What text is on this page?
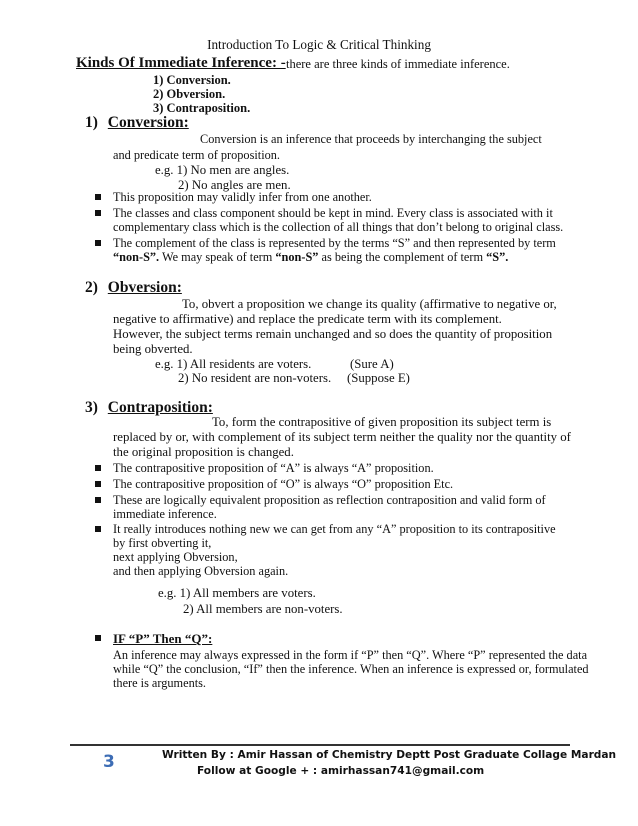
Introduction To Logic & Critical Thinking
Kinds Of Immediate Inference: - there are three kinds of immediate inference.
1) Conversion.
2) Obversion.
3) Contraposition.
1) Conversion:
Conversion is an inference that proceeds by interchanging the subject
and predicate term of proposition.
e.g. 1) No men are angles.
2) No angles are men.
This proposition may validly infer from one another.
The classes and class component should be kept in mind. Every class is associated with it
complementary class which is the collection of all things that don’t belong to original class.
The complement of the class is represented by the terms “S” and then represented by term
“non-S”. We may speak of term “non-S” as being the complement of term “S”.
2) Obversion:
To, obvert a proposition we change its quality (affirmative to negative or,
negative to affirmative) and replace the predicate term with its complement.
However, the subject terms remain unchanged and so does the quantity of proposition
being obverted.
e.g. 1) All residents are voters.	(Sure A)
2) No resident are non-voters. (Suppose E)
3) Contraposition:
To, form the contrapositive of given proposition its subject term is
replaced by or, with complement of its subject term neither the quality nor the quantity of
the original proposition is changed.
The contrapositive proposition of “A” is always “A” proposition.
The contrapositive proposition of “O” is always “O” proposition Etc.
These are logically equivalent proposition as reflection contraposition and valid form of
immediate inference.
It really introduces nothing new we can get from any “A” proposition to its contrapositive
by first obverting it,
next applying Obversion,
and then applying Obversion again.
e.g. 1) All members are voters.
2) All members are non-voters.
IF “P” Then “Q”:
An inference may always expressed in the form if “P” then “Q”. Where “P” represented the data
while “Q” the conclusion, “If” then the inference. When an inference is expressed or, formulated
there is arguments.
3	Written By : Amir Hassan of Chemistry Deptt Post Graduate Collage Mardan
Follow at Google + : amirhassan741@gmail.com
